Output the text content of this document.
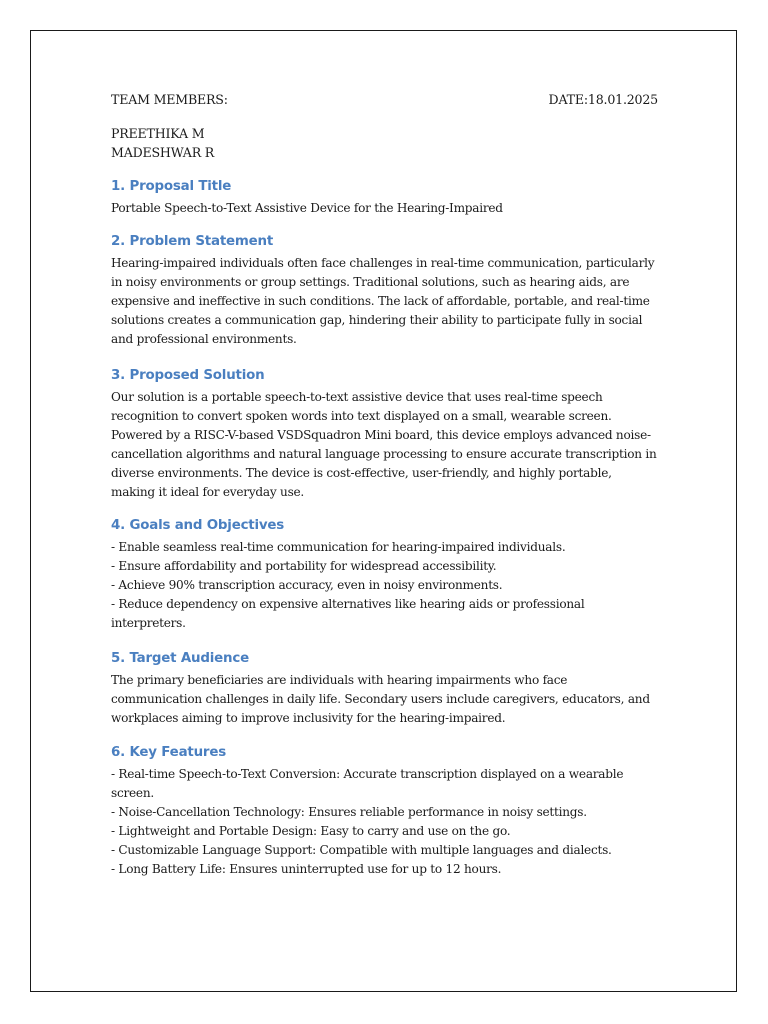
TEAM MEMBERS:	DATE:18.01.2025
PREETHIKA M
MADESHWAR R
1. Proposal Title
Portable Speech-to-Text Assistive Device for the Hearing-Impaired
2. Problem Statement
Hearing-impaired individuals often face challenges in real-time communication, particularly
in noisy environments or group settings. Traditional solutions, such as hearing aids, are
expensive and ineffective in such conditions. The lack of affordable, portable, and real-time
solutions creates a communication gap, hindering their ability to participate fully in social
and professional environments.
3. Proposed Solution
Our solution is a portable speech-to-text assistive device that uses real-time speech
recognition to convert spoken words into text displayed on a small, wearable screen.
Powered by a RISC-V-based VSDSquadron Mini board, this device employs advanced noise-
cancellation algorithms and natural language processing to ensure accurate transcription in
diverse environments. The device is cost-effective, user-friendly, and highly portable,
making it ideal for everyday use.
4. Goals and Objectives
- Enable seamless real-time communication for hearing-impaired individuals.
- Ensure affordability and portability for widespread accessibility.
- Achieve 90% transcription accuracy, even in noisy environments.
- Reduce dependency on expensive alternatives like hearing aids or professional
interpreters.
5. Target Audience
The primary beneficiaries are individuals with hearing impairments who face
communication challenges in daily life. Secondary users include caregivers, educators, and
workplaces aiming to improve inclusivity for the hearing-impaired.
6. Key Features
- Real-time Speech-to-Text Conversion: Accurate transcription displayed on a wearable
screen.
- Noise-Cancellation Technology: Ensures reliable performance in noisy settings.
- Lightweight and Portable Design: Easy to carry and use on the go.
- Customizable Language Support: Compatible with multiple languages and dialects.
- Long Battery Life: Ensures uninterrupted use for up to 12 hours.
